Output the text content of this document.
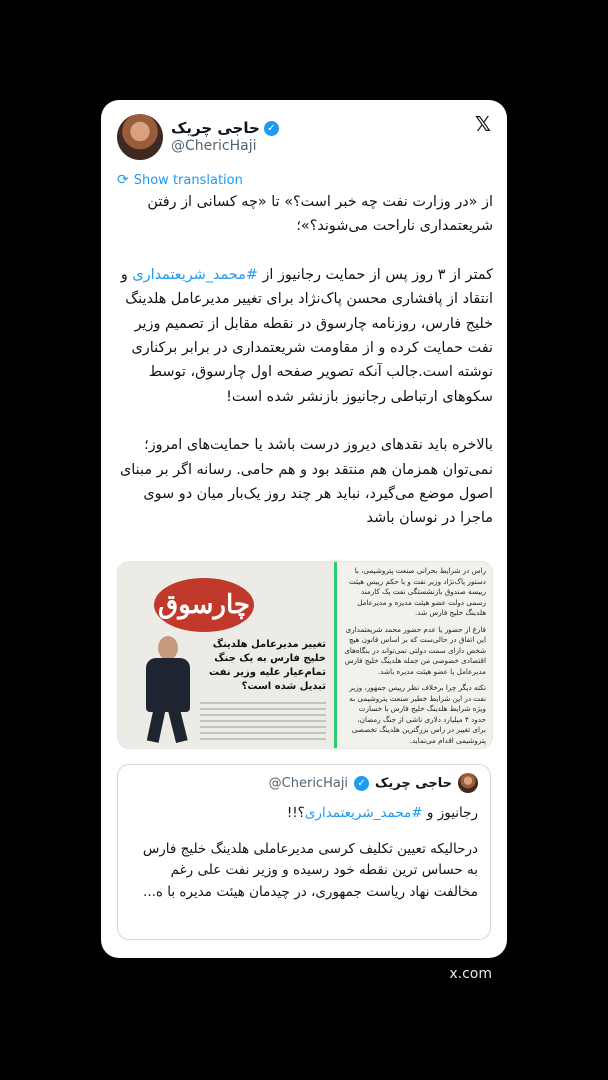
حاجی چریک ✓
@ChericHaji
𝕏
⟳ Show translation

از «در وزارت نفت چه خبر است؟» تا «چه کسانی از رفتن شریعتمداری ناراحت می‌شوند؟»؛

کمتر از ۳ روز پس از حمایت رجانیوز از #محمد_شریعتمداری و انتقاد از پافشاری محسن پاک‌نژاد برای تغییر مدیرعامل هلدینگ خلیج فارس، روزنامه چارسوق در نقطه مقابل از تصمیم وزیر نفت حمایت کرده و از مقاومت شریعتمداری در برابر برکناری نوشته است.جالب آنکه تصویر صفحه اول چارسوق، توسط سکوهای ارتباطی رجانیوز بازنشر شده است!

بالاخره باید نقدهای دیروز درست باشد یا حمایت‌های امروز؛ نمی‌توان همزمان هم منتقد بود و هم حامی. رسانه اگر بر مبنای اصول موضع می‌گیرد، نباید هر چند روز یک‌بار میان دو سوی ماجرا در نوسان باشد

چارسوق
تغییر مدیرعامل هلدینگ خلیج فارس به یک جنگ تمام‌عیار علیه وزیر نفت تبدیل شده است؟

راس در شرایط بحرانی صنعت پتروشیمی، با دستور پاک‌نژاد وزیر نفت و با حکم رییس هیئت رییسه صندوق بازنشستگی نفت یک کارمند رسمی دولت عضو هیئت مدیره و مدیرعامل هلدینگ خلیج فارس شد.

فارغ از حضور یا عدم حضور محمد شریعتمداری این اتفاق در حالی‌ست که بر اساس قانون هیچ شخص دارای سمت دولتی نمی‌تواند در بنگاه‌های اقتصادی خصوصی من جمله هلدینگ خلیج فارس مدیرعامل یا عضو هیئت مدیره باشد.

نکته دیگر چرا برخلاف نظر رییس جمهور، وزیر نفت در این شرایط خطیر صنعت پتروشیمی به ویژه شرایط هلدینگ خلیج فارس با خسارت حدود ۴ میلیارد دلاری ناشی از جنگ رمضان، برای تغییر در راس بزرگترین هلدینگ تخصصی پتروشیمی اقدام می‌نماید.

حاجی چریک
✓
@ChericHaji

رجانیوز و #محمد_شریعتمداری؟!!

درحالیکه تعیین تکلیف کرسی مدیرعاملی هلدینگ خلیج فارس به حساس ترین نقطه خود رسیده و وزیر نفت علی رغم مخالفت نهاد ریاست جمهوری، در چیدمان هیئت مدیره با ه...

x.com
